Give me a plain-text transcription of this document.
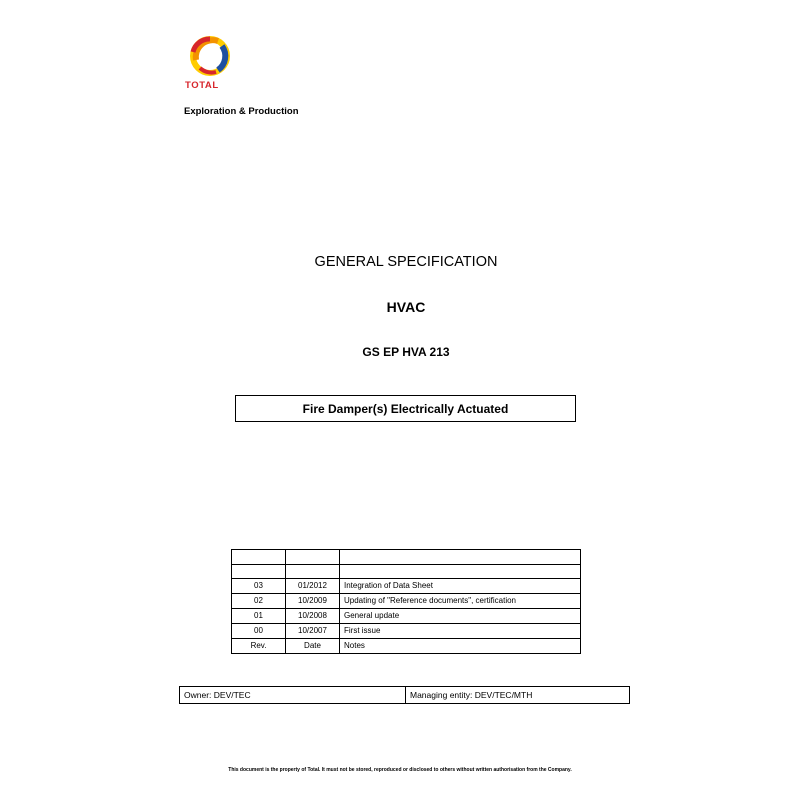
TOTAL
Exploration & Production
GENERAL SPECIFICATION
HVAC
GS EP HVA 213
Fire Damper(s) Electrically Actuated

03	01/2012	Integration of Data Sheet
02	10/2009	Updating of "Reference documents", certification
01	10/2008	General update
00	10/2007	First issue
Rev.	Date	Notes
Owner: DEV/TEC	Managing entity: DEV/TEC/MTH
This document is the property of Total. It must not be stored, reproduced or disclosed to others without written authorisation from the Company.
